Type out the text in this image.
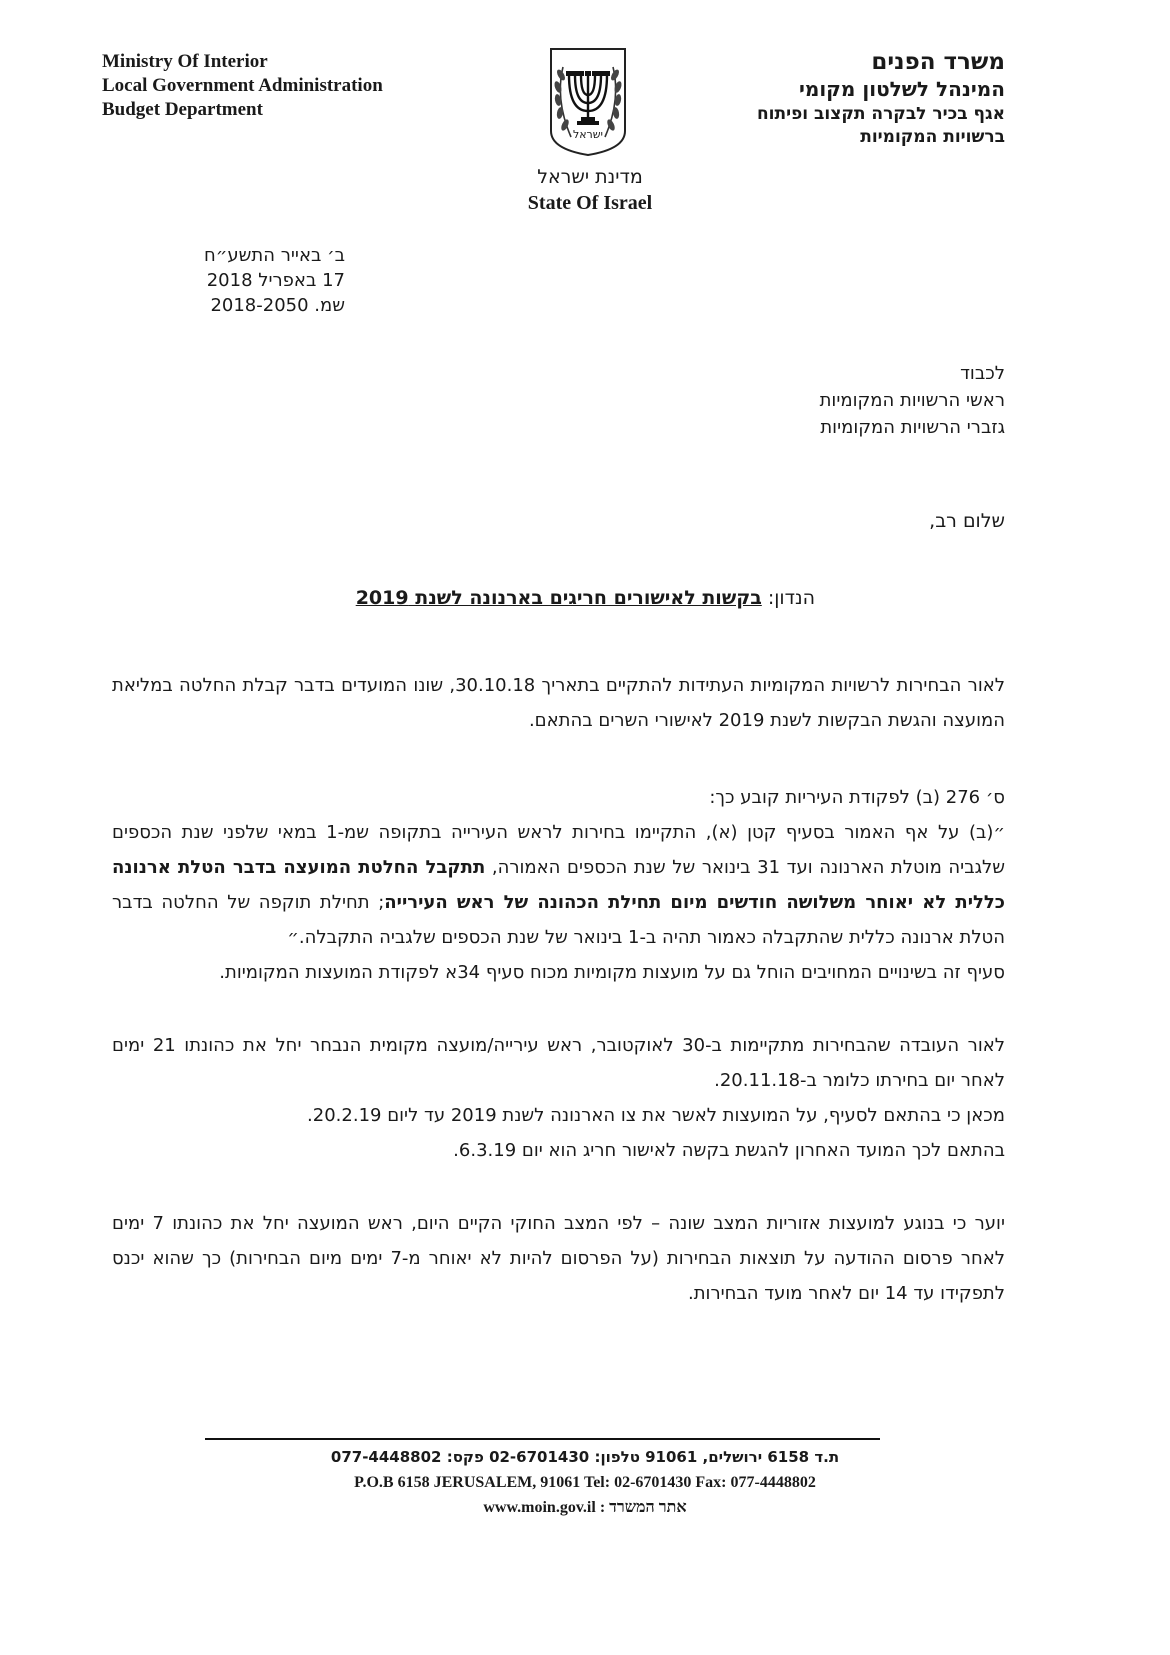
Ministry Of Interior
Local Government Administration
Budget Department
משרד הפנים
המינהל לשלטון מקומי
אגף בכיר לבקרה תקצוב ופיתוח
ברשויות המקומיות
ישראל
מדינת ישראל
State Of Israel
ב׳ באייר התשע״ח
17 באפריל 2018
שמ. 2018-2050
לכבוד
ראשי הרשויות המקומיות
גזברי הרשויות המקומיות
שלום רב,
הנדון: בקשות לאישורים חריגים בארנונה לשנת 2019

לאור הבחירות לרשויות המקומיות העתידות להתקיים בתאריך 30.10.18, שונו המועדים בדבר קבלת החלטה במליאת המועצה והגשת הבקשות לשנת 2019 לאישורי השרים בהתאם.

ס׳ 276 (ב) לפקודת העיריות קובע כך:

״(ב) על אף האמור בסעיף קטן (א), התקיימו בחירות לראש העירייה בתקופה שמ-1 במאי שלפני שנת הכספים שלגביה מוטלת הארנונה ועד 31 בינואר של שנת הכספים האמורה, תתקבל החלטת המועצה בדבר הטלת ארנונה כללית לא יאוחר משלושה חודשים מיום תחילת הכהונה של ראש העירייה; תחילת תוקפה של החלטה בדבר הטלת ארנונה כללית שהתקבלה כאמור תהיה ב-1 בינואר של שנת הכספים שלגביה התקבלה.״

סעיף זה בשינויים המחויבים הוחל גם על מועצות מקומיות מכוח סעיף 34א לפקודת המועצות המקומיות.

לאור העובדה שהבחירות מתקיימות ב-30 לאוקטובר, ראש עירייה/מועצה מקומית הנבחר יחל את כהונתו 21 ימים לאחר יום בחירתו כלומר ב-20.11.18.

מכאן כי בהתאם לסעיף, על המועצות לאשר את צו הארנונה לשנת 2019 עד ליום 20.2.19.

בהתאם לכך המועד האחרון להגשת בקשה לאישור חריג הוא יום 6.3.19.

יוער כי בנוגע למועצות אזוריות המצב שונה – לפי המצב החוקי הקיים היום, ראש המועצה יחל את כהונתו 7 ימים לאחר פרסום ההודעה על תוצאות הבחירות (על הפרסום להיות לא יאוחר מ-7 ימים מיום הבחירות) כך שהוא יכנס לתפקידו עד 14 יום לאחר מועד הבחירות.

ת.ד 6158 ירושלים, 91061 טלפון: 02-6701430 פקס: 077-4448802
P.O.B 6158 JERUSALEM, 91061 Tel: 02-6701430 Fax: 077-4448802
www.moin.gov.il : אתר המשרד
